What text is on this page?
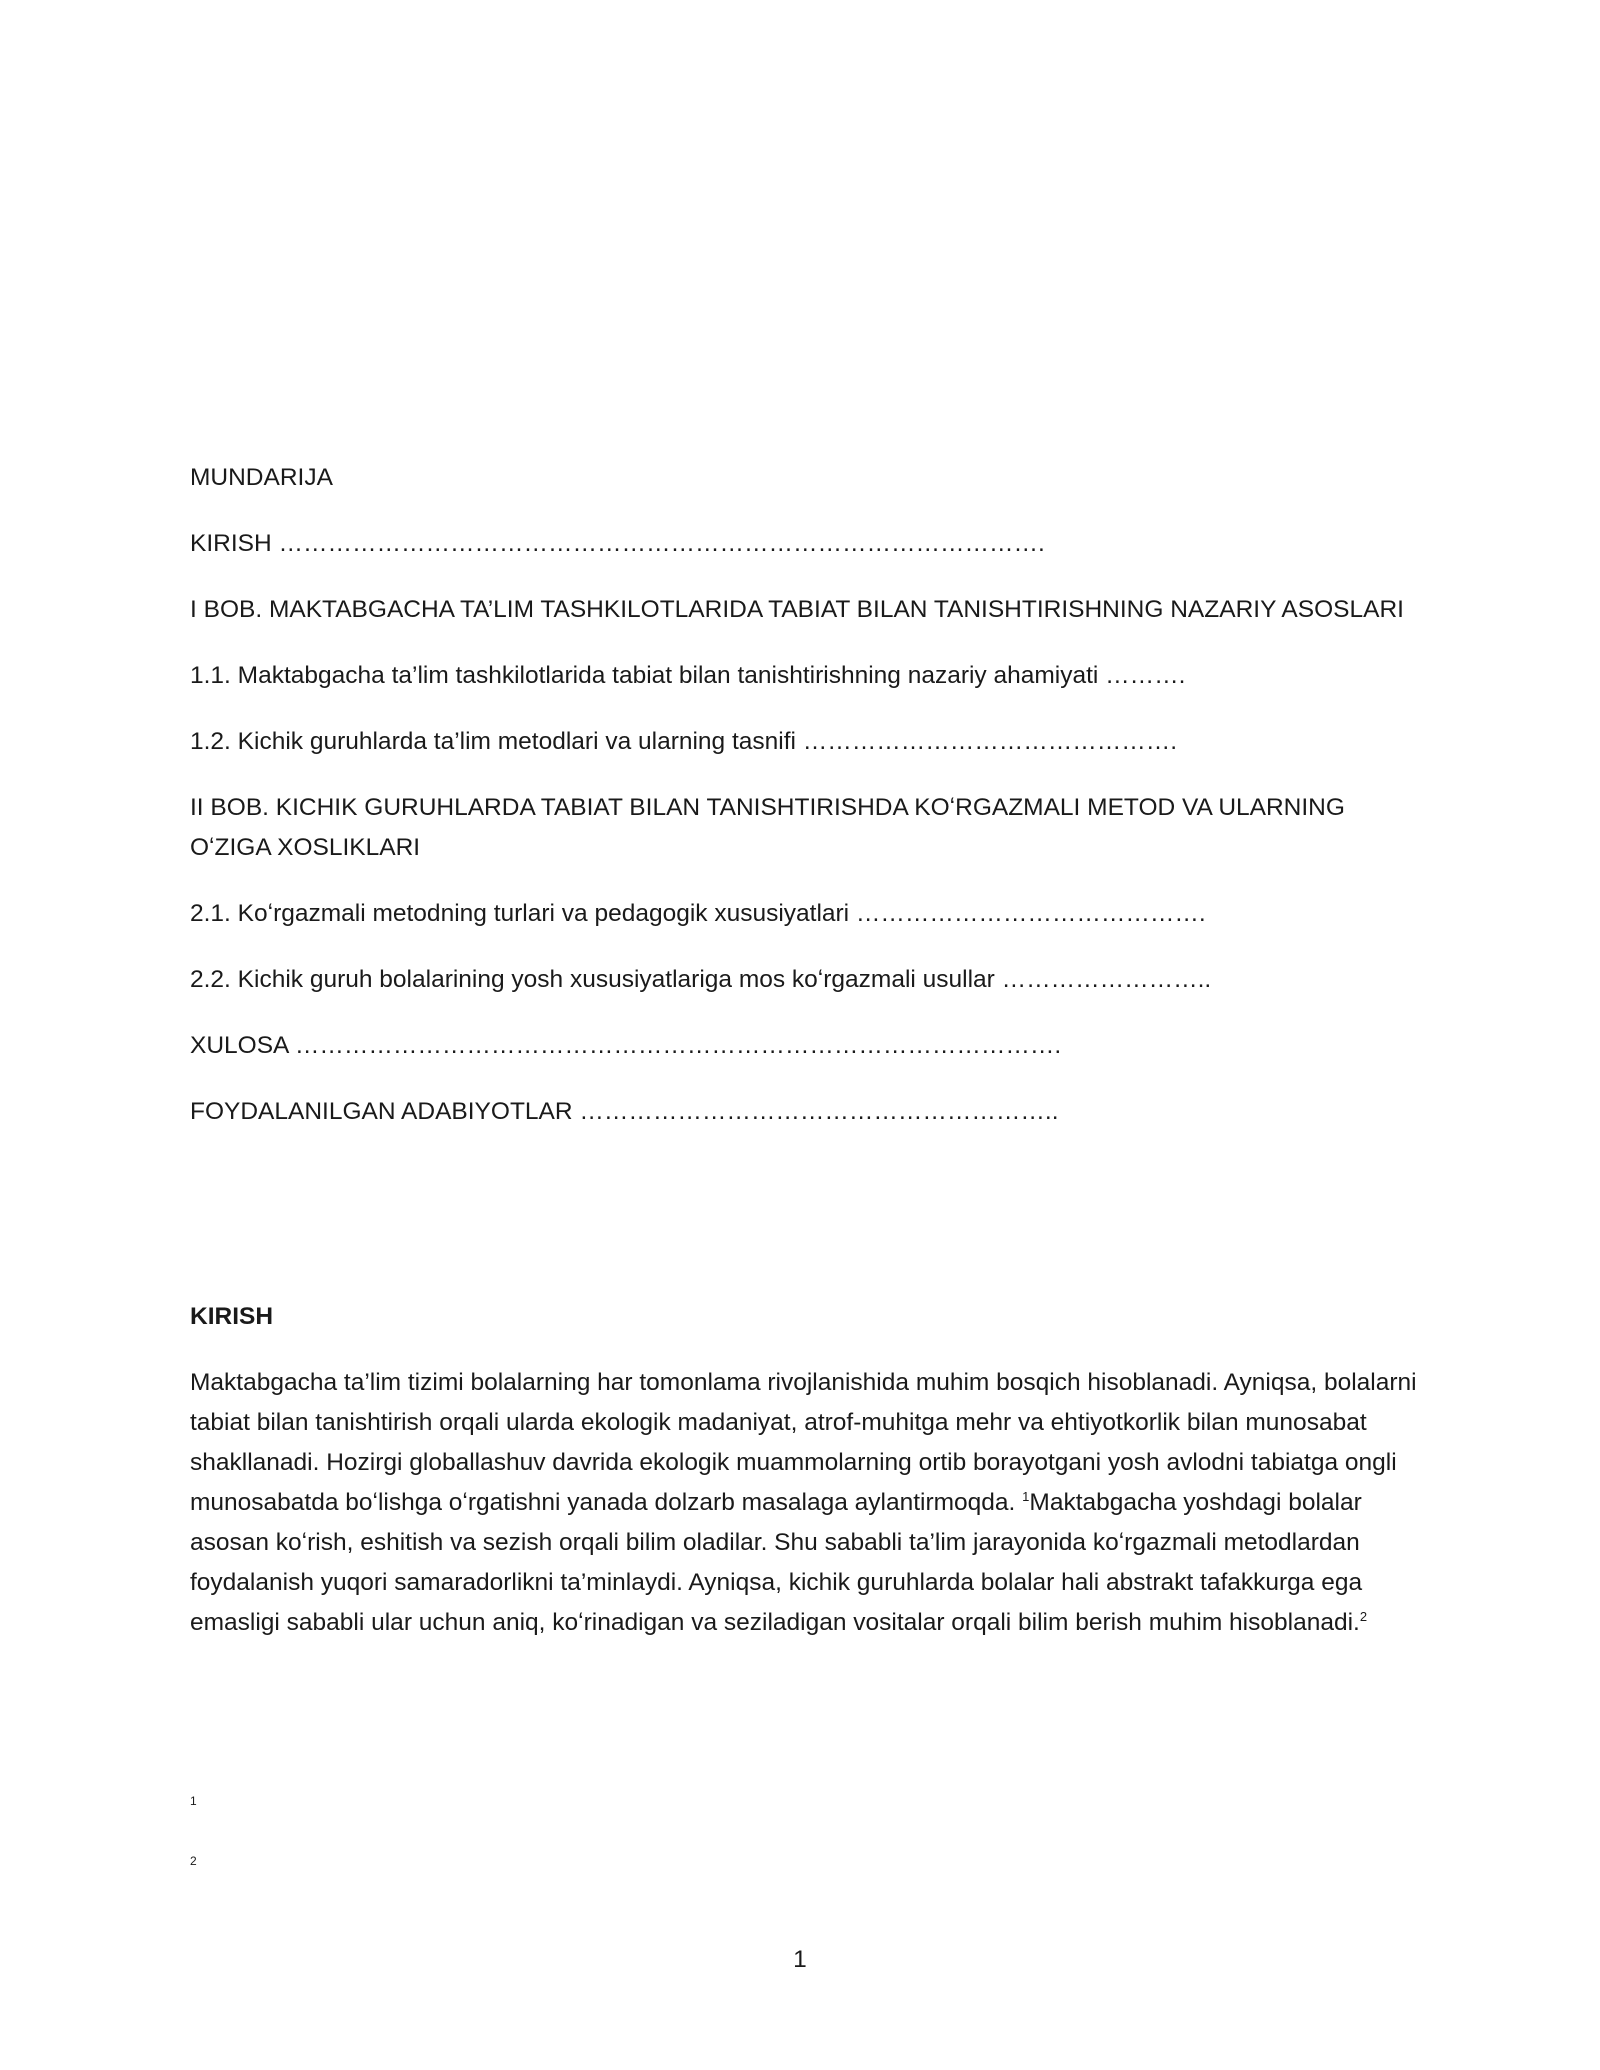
MUNDARIJA

KIRISH ………………………………………………………………………………….

I BOB. MAKTABGACHA TA’LIM TASHKILOTLARIDA TABIAT BILAN TANISHTIRISHNING NAZARIY ASOSLARI

1.1. Maktabgacha ta’lim tashkilotlarida tabiat bilan tanishtirishning nazariy ahamiyati ……….

1.2. Kichik guruhlarda ta’lim metodlari va ularning tasnifi ……………………………………….

II BOB. KICHIK GURUHLARDA TABIAT BILAN TANISHTIRISHDA KOʻRGAZMALI METOD VA ULARNING OʻZIGA XOSLIKLARI

2.1. Koʻrgazmali metodning turlari va pedagogik xususiyatlari …………………………………….

2.2. Kichik guruh bolalarining yosh xususiyatlariga mos koʻrgazmali usullar ……………………..

XULOSA ………………………………………………………………………………….

FOYDALANILGAN ADABIYOTLAR …………………………………………………..

KIRISH

Maktabgacha ta’lim tizimi bolalarning har tomonlama rivojlanishida muhim bosqich hisoblanadi. Ayniqsa, bolalarni tabiat bilan tanishtirish orqali ularda ekologik madaniyat, atrof-muhitga mehr va ehtiyotkorlik bilan munosabat shakllanadi. Hozirgi globallashuv davrida ekologik muammolarning ortib borayotgani yosh avlodni tabiatga ongli munosabatda boʻlishga oʻrgatishni yanada dolzarb masalaga aylantirmoqda. $^1$Maktabgacha yoshdagi bolalar asosan koʻrish, eshitish va sezish orqali bilim oladilar. Shu sababli ta’lim jarayonida koʻrgazmali metodlardan foydalanish yuqori samaradorlikni ta’minlaydi. Ayniqsa, kichik guruhlarda bolalar hali abstrakt tafakkurga ega emasligi sababli ular uchun aniq, koʻrinadigan va seziladigan vositalar orqali bilim berish muhim hisoblanadi.$^2$

1
2
1
